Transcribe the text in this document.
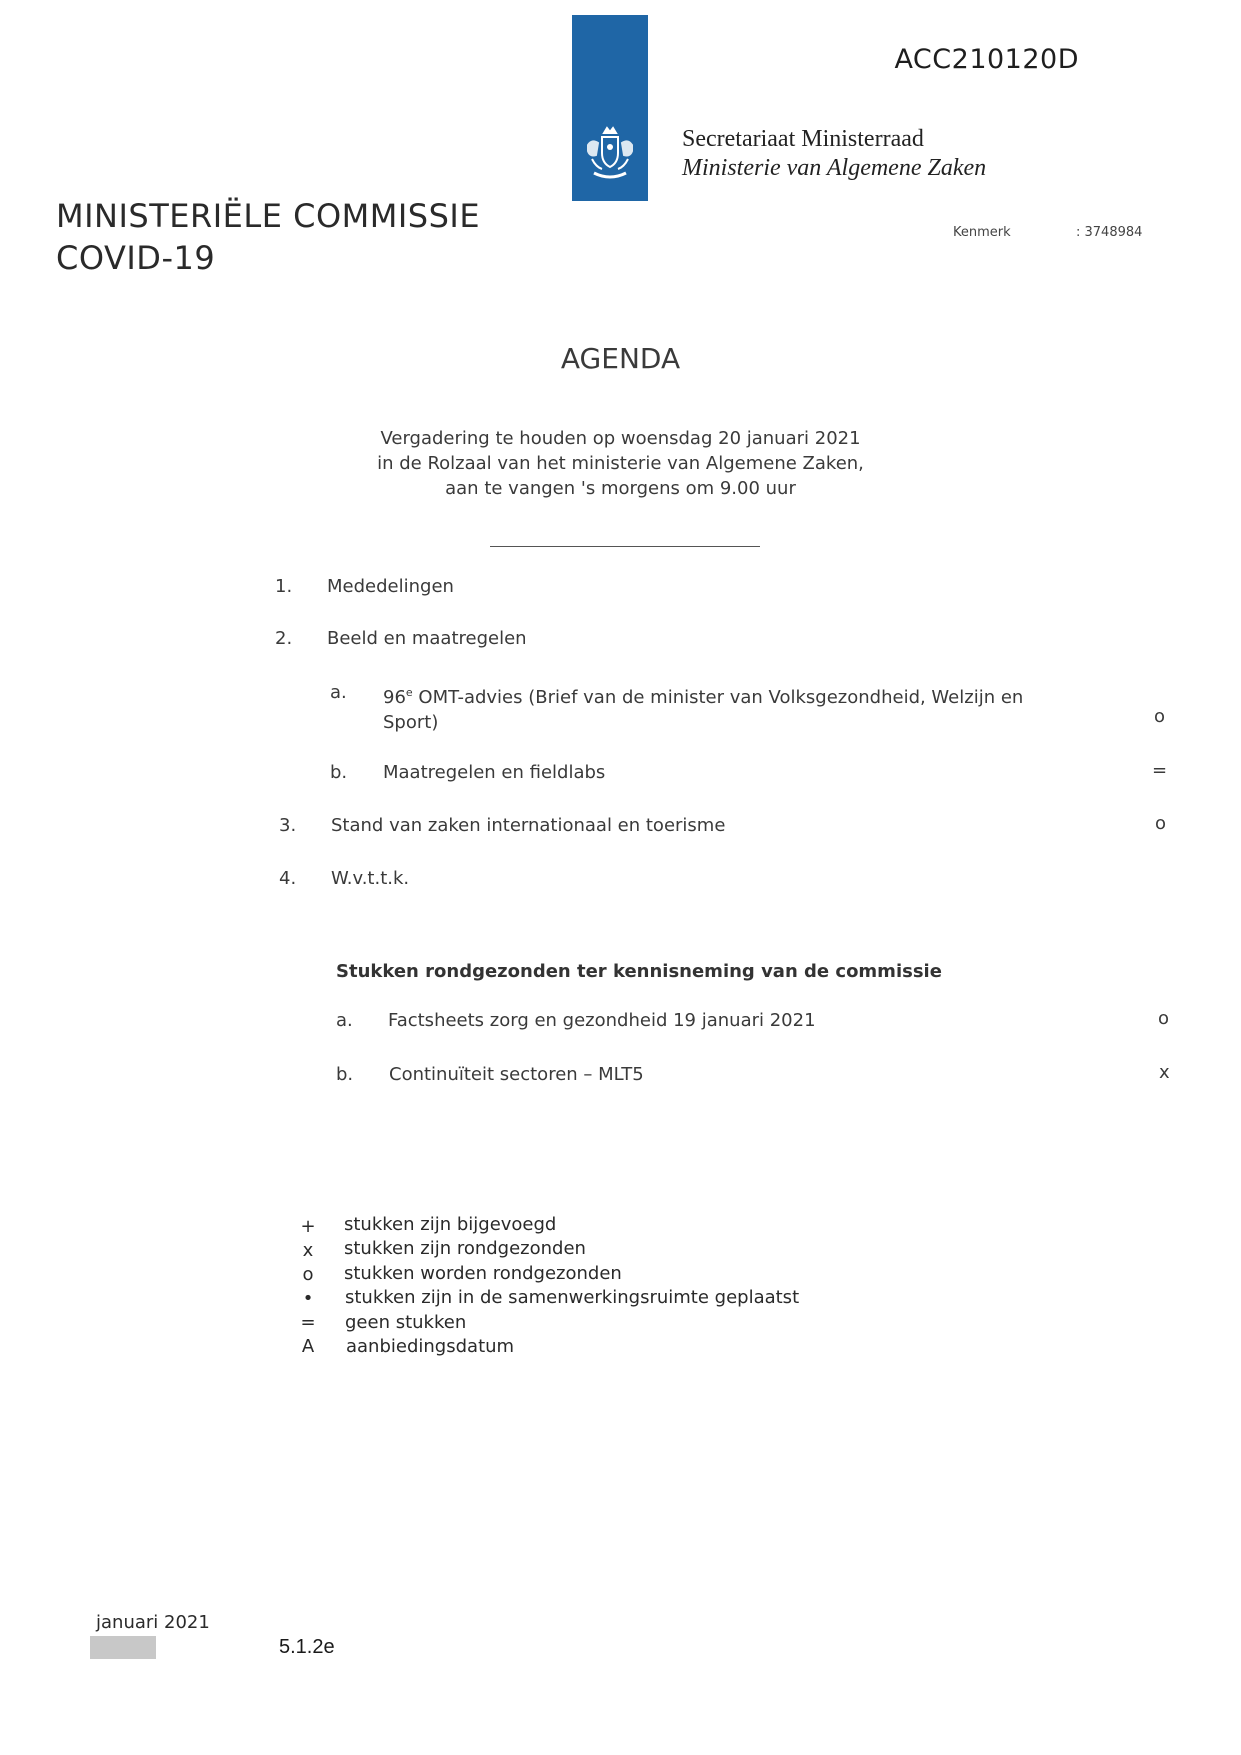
ACC210120D
Secretariaat Ministerraad
Ministerie van Algemene Zaken
MINISTERIËLE COMMISSIE
COVID-19
Kenmerk	: 3748984
AGENDA
Vergadering te houden op woensdag 20 januari 2021
in de Rolzaal van het ministerie van Algemene Zaken,
aan te vangen 's morgens om 9.00 uur
1. Mededelingen
2. Beeld en maatregelen
a. 96e OMT-advies (Brief van de minister van Volksgezondheid, Welzijn en
Sport)	o
b. Maatregelen en fieldlabs	=
3. Stand van zaken internationaal en toerisme	o
4. W.v.t.t.k.
Stukken rondgezonden ter kennisneming van de commissie
a. Factsheets zorg en gezondheid 19 januari 2021	o
b. Continuïteit sectoren – MLT5	x
+ stukken zijn bijgevoegd
x stukken zijn rondgezonden
o stukken worden rondgezonden
• stukken zijn in de samenwerkingsruimte geplaatst
= geen stukken
A aanbiedingsdatum
januari 2021
5.1.2e
